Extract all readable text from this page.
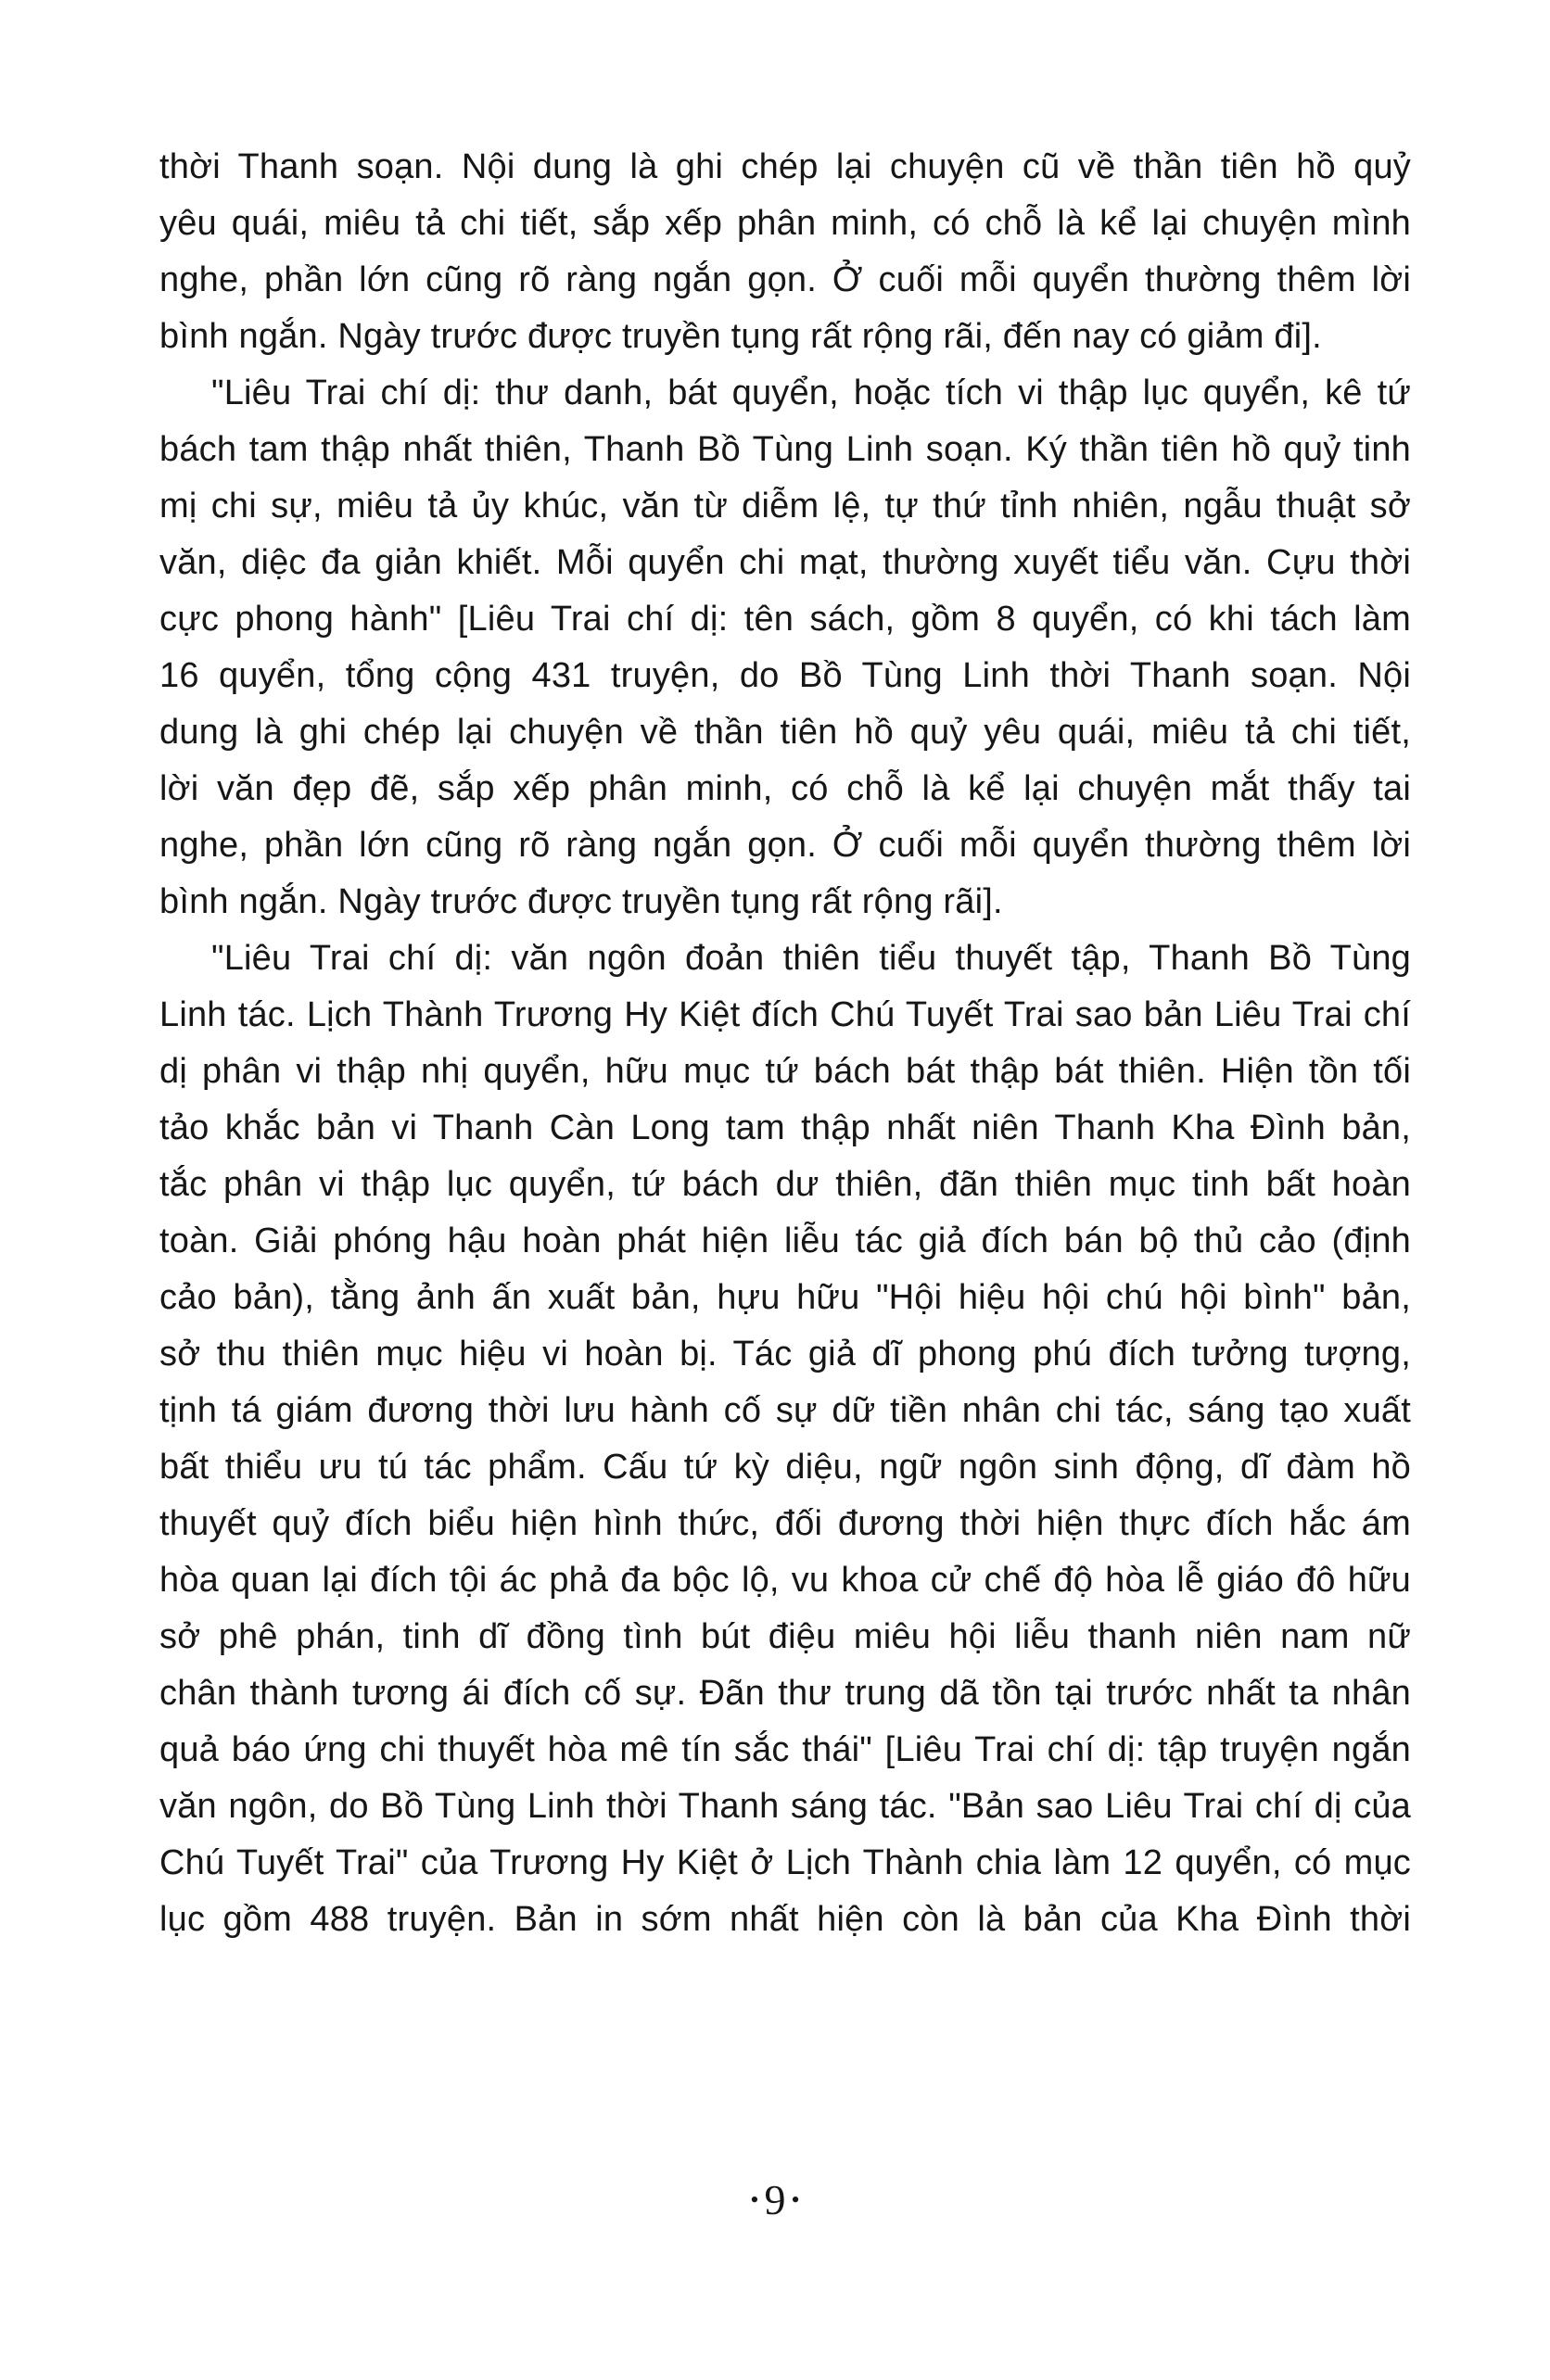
thời Thanh soạn. Nội dung là ghi chép lại chuyện cũ về thần tiên hồ quỷ
yêu quái, miêu tả chi tiết, sắp xếp phân minh, có chỗ là kể lại chuyện mình
nghe, phần lớn cũng rõ ràng ngắn gọn. Ở cuối mỗi quyển thường thêm lời
bình ngắn. Ngày trước được truyền tụng rất rộng rãi, đến nay có giảm đi].
"Liêu Trai chí dị: thư danh, bát quyển, hoặc tích vi thập lục quyển, kê tứ
bách tam thập nhất thiên, Thanh Bồ Tùng Linh soạn. Ký thần tiên hồ quỷ tinh
mị chi sự, miêu tả ủy khúc, văn từ diễm lệ, tự thứ tỉnh nhiên, ngẫu thuật sở
văn, diệc đa giản khiết. Mỗi quyển chi mạt, thường xuyết tiểu văn. Cựu thời
cực phong hành" [Liêu Trai chí dị: tên sách, gồm 8 quyển, có khi tách làm
16 quyển, tổng cộng 431 truyện, do Bồ Tùng Linh thời Thanh soạn. Nội
dung là ghi chép lại chuyện về thần tiên hồ quỷ yêu quái, miêu tả chi tiết,
lời văn đẹp đẽ, sắp xếp phân minh, có chỗ là kể lại chuyện mắt thấy tai
nghe, phần lớn cũng rõ ràng ngắn gọn. Ở cuối mỗi quyển thường thêm lời
bình ngắn. Ngày trước được truyền tụng rất rộng rãi].
"Liêu Trai chí dị: văn ngôn đoản thiên tiểu thuyết tập, Thanh Bồ Tùng
Linh tác. Lịch Thành Trương Hy Kiệt đích Chú Tuyết Trai sao bản Liêu Trai chí
dị phân vi thập nhị quyển, hữu mục tứ bách bát thập bát thiên. Hiện tồn tối
tảo khắc bản vi Thanh Càn Long tam thập nhất niên Thanh Kha Đình bản,
tắc phân vi thập lục quyển, tứ bách dư thiên, đãn thiên mục tinh bất hoàn
toàn. Giải phóng hậu hoàn phát hiện liễu tác giả đích bán bộ thủ cảo (định
cảo bản), tằng ảnh ấn xuất bản, hựu hữu "Hội hiệu hội chú hội bình" bản,
sở thu thiên mục hiệu vi hoàn bị. Tác giả dĩ phong phú đích tưởng tượng,
tịnh tá giám đương thời lưu hành cố sự dữ tiền nhân chi tác, sáng tạo xuất
bất thiểu ưu tú tác phẩm. Cấu tứ kỳ diệu, ngữ ngôn sinh động, dĩ đàm hồ
thuyết quỷ đích biểu hiện hình thức, đối đương thời hiện thực đích hắc ám
hòa quan lại đích tội ác phả đa bộc lộ, vu khoa cử chế độ hòa lễ giáo đô hữu
sở phê phán, tinh dĩ đồng tình bút điệu miêu hội liễu thanh niên nam nữ
chân thành tương ái đích cố sự. Đãn thư trung dã tồn tại trước nhất ta nhân
quả báo ứng chi thuyết hòa mê tín sắc thái" [Liêu Trai chí dị: tập truyện ngắn
văn ngôn, do Bồ Tùng Linh thời Thanh sáng tác. "Bản sao Liêu Trai chí dị của
Chú Tuyết Trai" của Trương Hy Kiệt ở Lịch Thành chia làm 12 quyển, có mục
lục gồm 488 truyện. Bản in sớm nhất hiện còn là bản của Kha Đình thời
• 9 •
